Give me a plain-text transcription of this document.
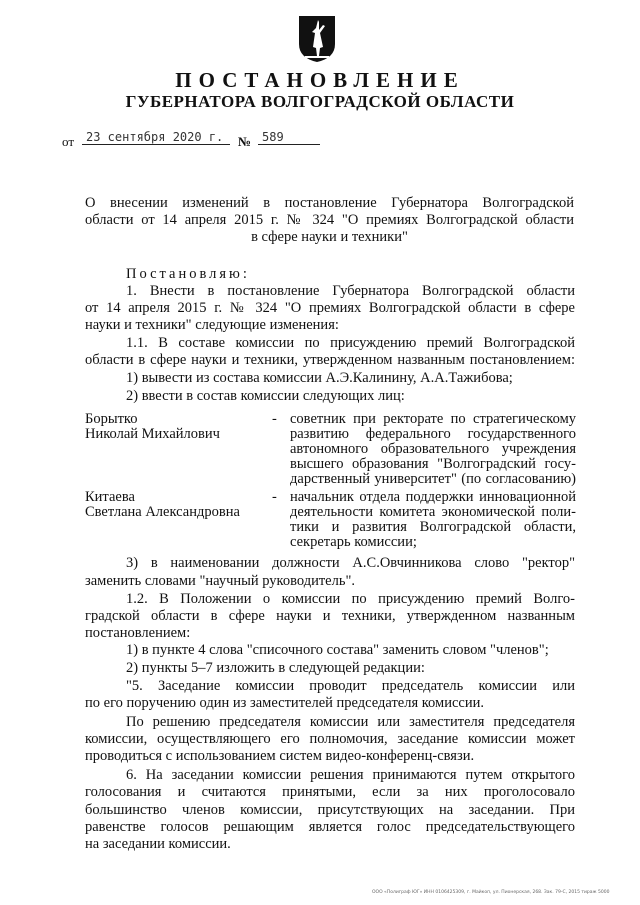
ПОСТАНОВЛЕНИЕ
ГУБЕРНАТОРА ВОЛГОГРАДСКОЙ ОБЛАСТИ
от 23 сентября 2020 г. № 589
О внесении изменений в постановление Губернатора Волгоградской
области от 14 апреля 2015 г. № 324 "О премиях Волгоградской области
в сфере науки и техники"
Постановляю:
1. Внести в постановление Губернатора Волгоградской области
от 14 апреля 2015 г. № 324 "О премиях Волгоградской области в сфере
науки и техники" следующие изменения:
1.1. В составе комиссии по присуждению премий Волгоградской
области в сфере науки и техники, утвержденном названным постановлением:
1) вывести из состава комиссии А.Э.Калинину, А.А.Тажибова;
2) ввести в состав комиссии следующих лиц:
Борытко
Николай Михайлович
- советник при ректорате по стратегическому
развитию федерального государственного
автономного образовательного учреждения
высшего образования "Волгоградский госу-
дарственный университет" (по согласованию)
Китаева
Светлана Александровна
- начальник отдела поддержки инновационной
деятельности комитета экономической поли-
тики и развития Волгоградской области,
секретарь комиссии;
3) в наименовании должности А.С.Овчинникова слово "ректор"
заменить словами "научный руководитель".
1.2. В Положении о комиссии по присуждению премий Волго-
градской области в сфере науки и техники, утвержденном названным
постановлением:
1) в пункте 4 слова "списочного состава" заменить словом "членов";
2) пункты 5–7 изложить в следующей редакции:
"5. Заседание комиссии проводит председатель комиссии или
по его поручению один из заместителей председателя комиссии.
По решению председателя комиссии или заместителя председателя
комиссии, осуществляющего его полномочия, заседание комиссии может
проводиться с использованием систем видео-конференц-связи.
6. На заседании комиссии решения принимаются путем открытого
голосования и считаются принятыми, если за них проголосовало
большинство членов комиссии, присутствующих на заседании. При
равенстве голосов решающим является голос председательствующего
на заседании комиссии.
ООО «Полиграф ЮГ» ИНН 0106425309, г. Майкоп, ул. Пионерская, 268. Зак. 79-С, 2015 тираж 5000
